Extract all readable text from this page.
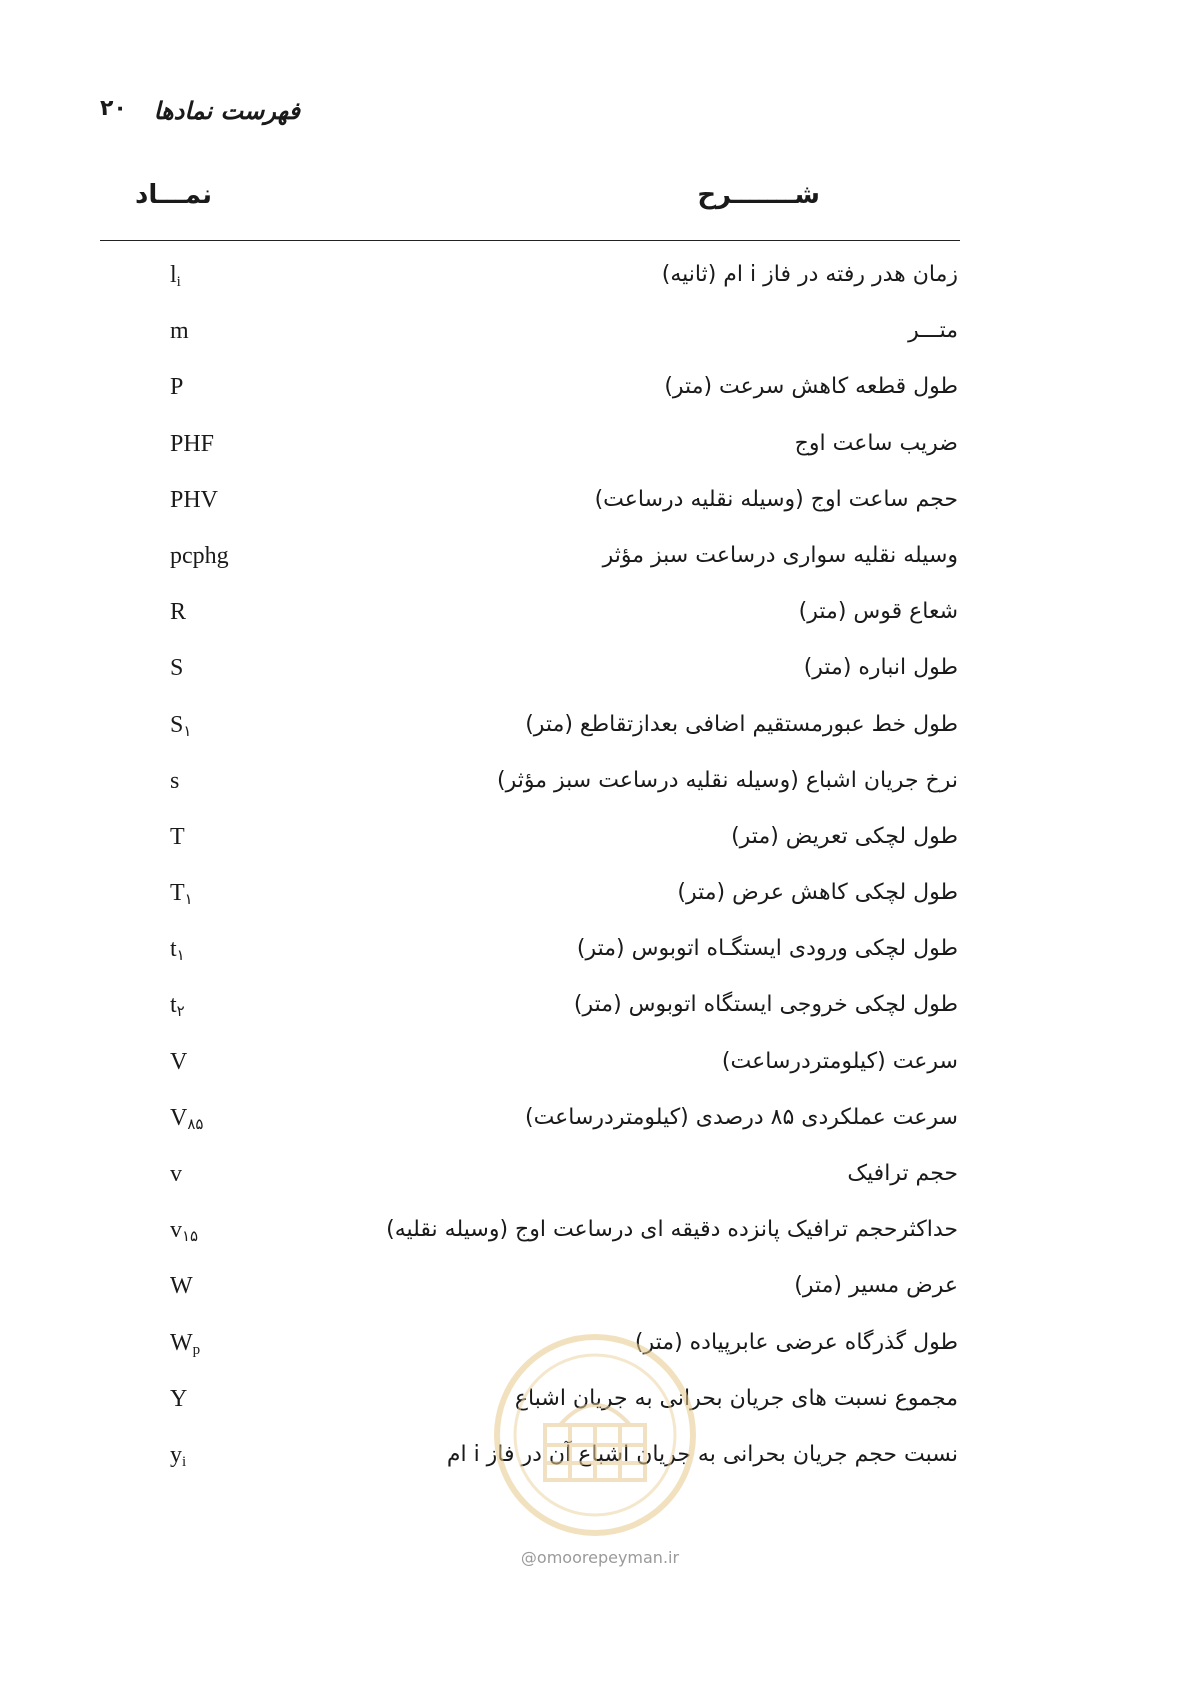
فهرست نمادها
۲۰
شـــــــرح
نمـــاد
$l_i$	زمان هدر رفته در فاز i ام (ثانیه)
m	متـــر
P	طول قطعه کاهش سرعت (متر)
PHF	ضریب ساعت اوج
PHV	حجم ساعت اوج (وسیله نقلیه درساعت)
pcphg	وسیله نقلیه سواری درساعت سبز مؤثر
R	شعاع قوس (متر)
S	طول انباره (متر)
$S_۱$	طول خط عبورمستقیم اضافی بعدازتقاطع (متر)
s	نرخ جریان اشباع (وسیله نقلیه درساعت سبز مؤثر)
T	طول لچکی تعریض (متر)
$T_۱$	طول لچکی کاهش عرض (متر)
$t_۱$	طول لچکی ورودی ایستگـاه اتوبوس (متر)
$t_۲$	طول لچکی خروجی ایستگاه اتوبوس (متر)
V	سرعت (کیلومتردرساعت)
$V_{۸۵}$	سرعت عملکردی ۸۵ درصدی (کیلومتردرساعت)
v	حجم ترافیک
$v_{۱۵}$	حداکثرحجم ترافیک پانزده دقیقه ای درساعت اوج (وسیله نقلیه)
W	عرض مسیر (متر)
$W_p$	طول گذرگاه عرضی عابرپیاده (متر)
Y	مجموع نسبت های جریان بحرانی به جریان اشباع
$y_i$	نسبت حجم جریان بحرانی به جریان اشباع آن در فاز i ام
@omoorepeyman.ir
